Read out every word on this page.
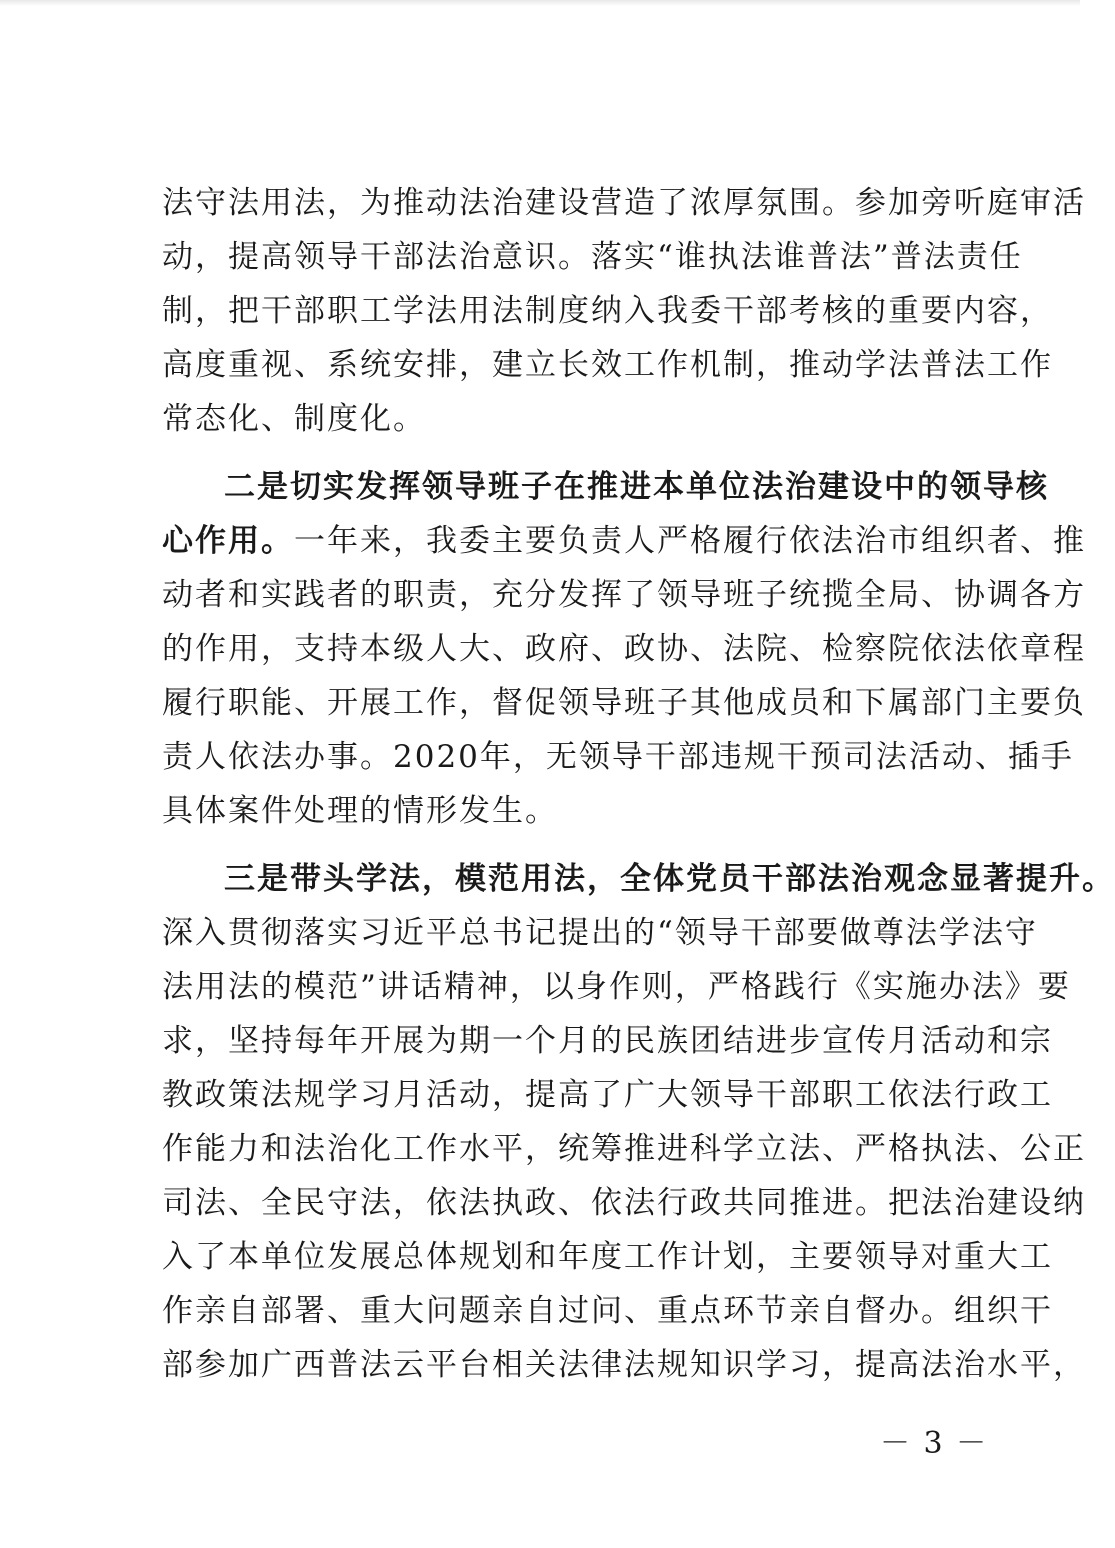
法守法用法，为推动法治建设营造了浓厚氛围。参加旁听庭审活
动，提高领导干部法治意识。落实“谁执法谁普法”普法责任
制，把干部职工学法用法制度纳入我委干部考核的重要内容，
高度重视、系统安排，建立长效工作机制，推动学法普法工作
常态化、制度化。
二是切实发挥领导班子在推进本单位法治建设中的领导核
心作用。一年来，我委主要负责人严格履行依法治市组织者、推
动者和实践者的职责，充分发挥了领导班子统揽全局、协调各方
的作用，支持本级人大、政府、政协、法院、检察院依法依章程
履行职能、开展工作，督促领导班子其他成员和下属部门主要负
责人依法办事。2020年，无领导干部违规干预司法活动、插手
具体案件处理的情形发生。
三是带头学法，模范用法，全体党员干部法治观念显著提升。
深入贯彻落实习近平总书记提出的“领导干部要做尊法学法守
法用法的模范”讲话精神，以身作则，严格践行《实施办法》要
求，坚持每年开展为期一个月的民族团结进步宣传月活动和宗
教政策法规学习月活动，提高了广大领导干部职工依法行政工
作能力和法治化工作水平，统筹推进科学立法、严格执法、公正
司法、全民守法，依法执政、依法行政共同推进。把法治建设纳
入了本单位发展总体规划和年度工作计划，主要领导对重大工
作亲自部署、重大问题亲自过问、重点环节亲自督办。组织干
部参加广西普法云平台相关法律法规知识学习，提高法治水平，
－ 3 －
